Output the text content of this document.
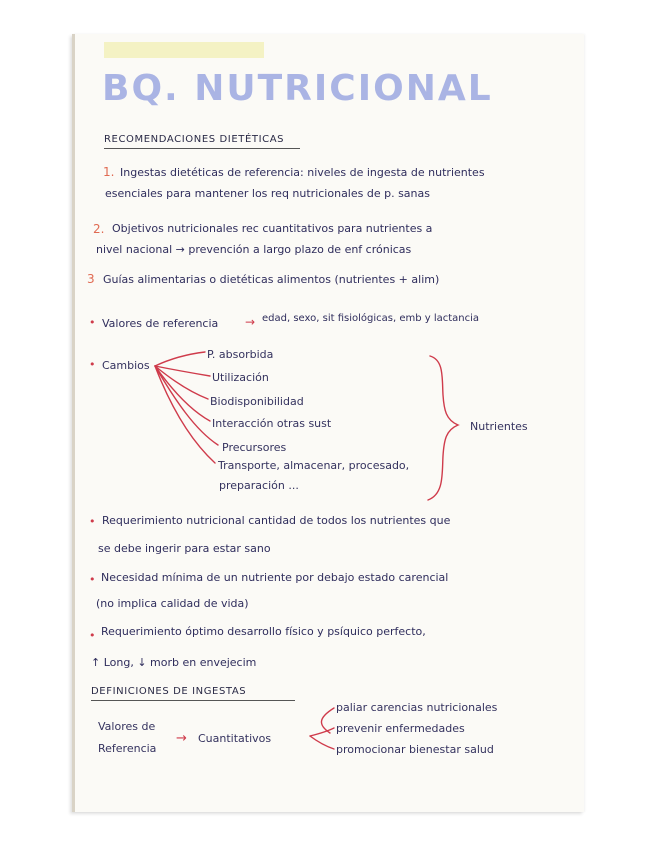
BQ. NUTRICIONAL
RECOMENDACIONES DIETÉTICAS
1. Ingestas dietéticas de referencia: niveles de ingesta de nutrientes
esenciales para mantener los req nutricionales de p. sanas
2. Objetivos nutricionales rec cuantitativos para nutrientes a
nivel nacional → prevención a largo plazo de enf crónicas
3 Guías alimentarias o dietéticas alimentos (nutrientes + alim)
• Valores de referencia → edad, sexo, sit fisiológicas, emb y lactancia
• Cambios
P. absorbida
Utilización
Biodisponibilidad
Interacción otras sust
Precursores
Transporte, almacenar, procesado,
preparación ...
Nutrientes
• Requerimiento nutricional cantidad de todos los nutrientes que
se debe ingerir para estar sano
• Necesidad mínima de un nutriente por debajo estado carencial
(no implica calidad de vida)
• Requerimiento óptimo desarrollo físico y psíquico perfecto,
↑ Long, ↓ morb en envejecim
DEFINICIONES DE INGESTAS
Valores de
Referencia
→ Cuantitativos
paliar carencias nutricionales
prevenir enfermedades
promocionar bienestar salud
